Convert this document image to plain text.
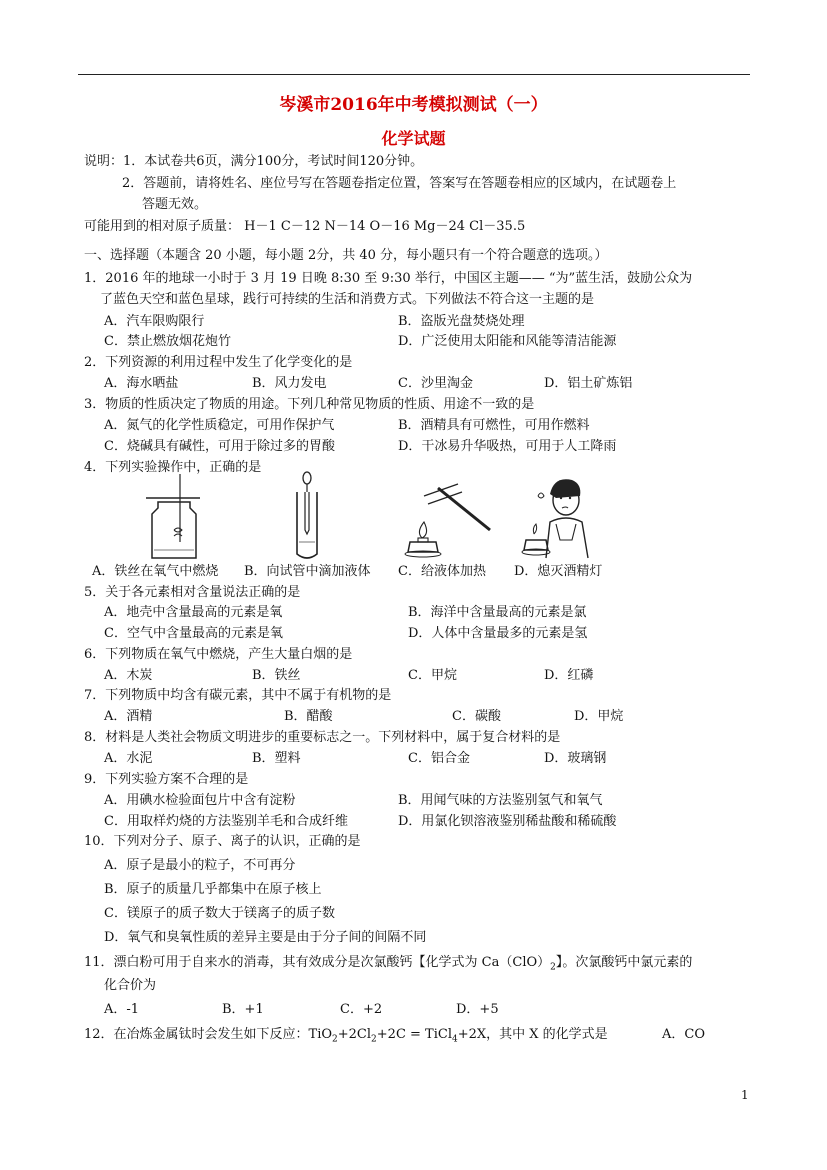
岑溪市2016年中考模拟测试（一）
化学试题
说明：1．本试卷共6页，满分100分，考试时间120分钟。
2．答题前，请将姓名、座位号写在答题卷指定位置，答案写在答题卷相应的区域内，在试题卷上
答题无效。
可能用到的相对原子质量： H－1 C－12 N－14 O－16 Mg－24 Cl－35.5
一、选择题（本题含 20 小题，每小题 2分，共 40 分，每小题只有一个符合题意的选项。）
1．2016 年的地球一小时于 3 月 19 日晚 8:30 至 9:30 举行，中国区主题—— “为”蓝生活，鼓励公众为
了蓝色天空和蓝色星球，践行可持续的生活和消费方式。下列做法不符合这一主题的是
A．汽车限购限行	B．盗版光盘焚烧处理
C．禁止燃放烟花炮竹	D．广泛使用太阳能和风能等清洁能源
2．下列资源的利用过程中发生了化学变化的是
A．海水晒盐	B．风力发电	C．沙里淘金	D．铝土矿炼铝
3．物质的性质决定了物质的用途。下列几种常见物质的性质、用途不一致的是
A．氮气的化学性质稳定，可用作保护气	B．酒精具有可燃性，可用作燃料
C．烧碱具有碱性，可用于除过多的胃酸	D．干冰易升华吸热，可用于人工降雨
4．下列实验操作中，正确的是
A．铁丝在氧气中燃烧 B．向试管中滴加液体 C．给液体加热 D．熄灭酒精灯
5．关于各元素相对含量说法正确的是
A．地壳中含量最高的元素是氧	B．海洋中含量最高的元素是氯
C．空气中含量最高的元素是氧	D．人体中含量最多的元素是氢
6．下列物质在氧气中燃烧，产生大量白烟的是
A．木炭	B．铁丝	C．甲烷	D．红磷
7．下列物质中均含有碳元素，其中不属于有机物的是
A．酒精	B．醋酸	C．碳酸	D．甲烷
8．材料是人类社会物质文明进步的重要标志之一。下列材料中，属于复合材料的是
A．水泥	B．塑料	C．铝合金	D．玻璃钢
9．下列实验方案不合理的是
A．用碘水检验面包片中含有淀粉	B．用闻气味的方法鉴别氢气和氧气
C．用取样灼烧的方法鉴别羊毛和合成纤维	D．用氯化钡溶液鉴别稀盐酸和稀硫酸
10．下列对分子、原子、离子的认识，正确的是
A．原子是最小的粒子，不可再分
B．原子的质量几乎都集中在原子核上
C．镁原子的质子数大于镁离子的质子数
D．氧气和臭氧性质的差异主要是由于分子间的间隔不同
11．漂白粉可用于自来水的消毒，其有效成分是次氯酸钙【化学式为 $Ca(ClO)_2$】。次氯酸钙中氯元素的
化合价为
A．-1	B．+1	C．+2	D．+5
12．在冶炼金属钛时会发生如下反应：$TiO_2+2Cl_2+2C$ = TiCl$_4$+2X，其中 X 的化学式是	A．CO
1
